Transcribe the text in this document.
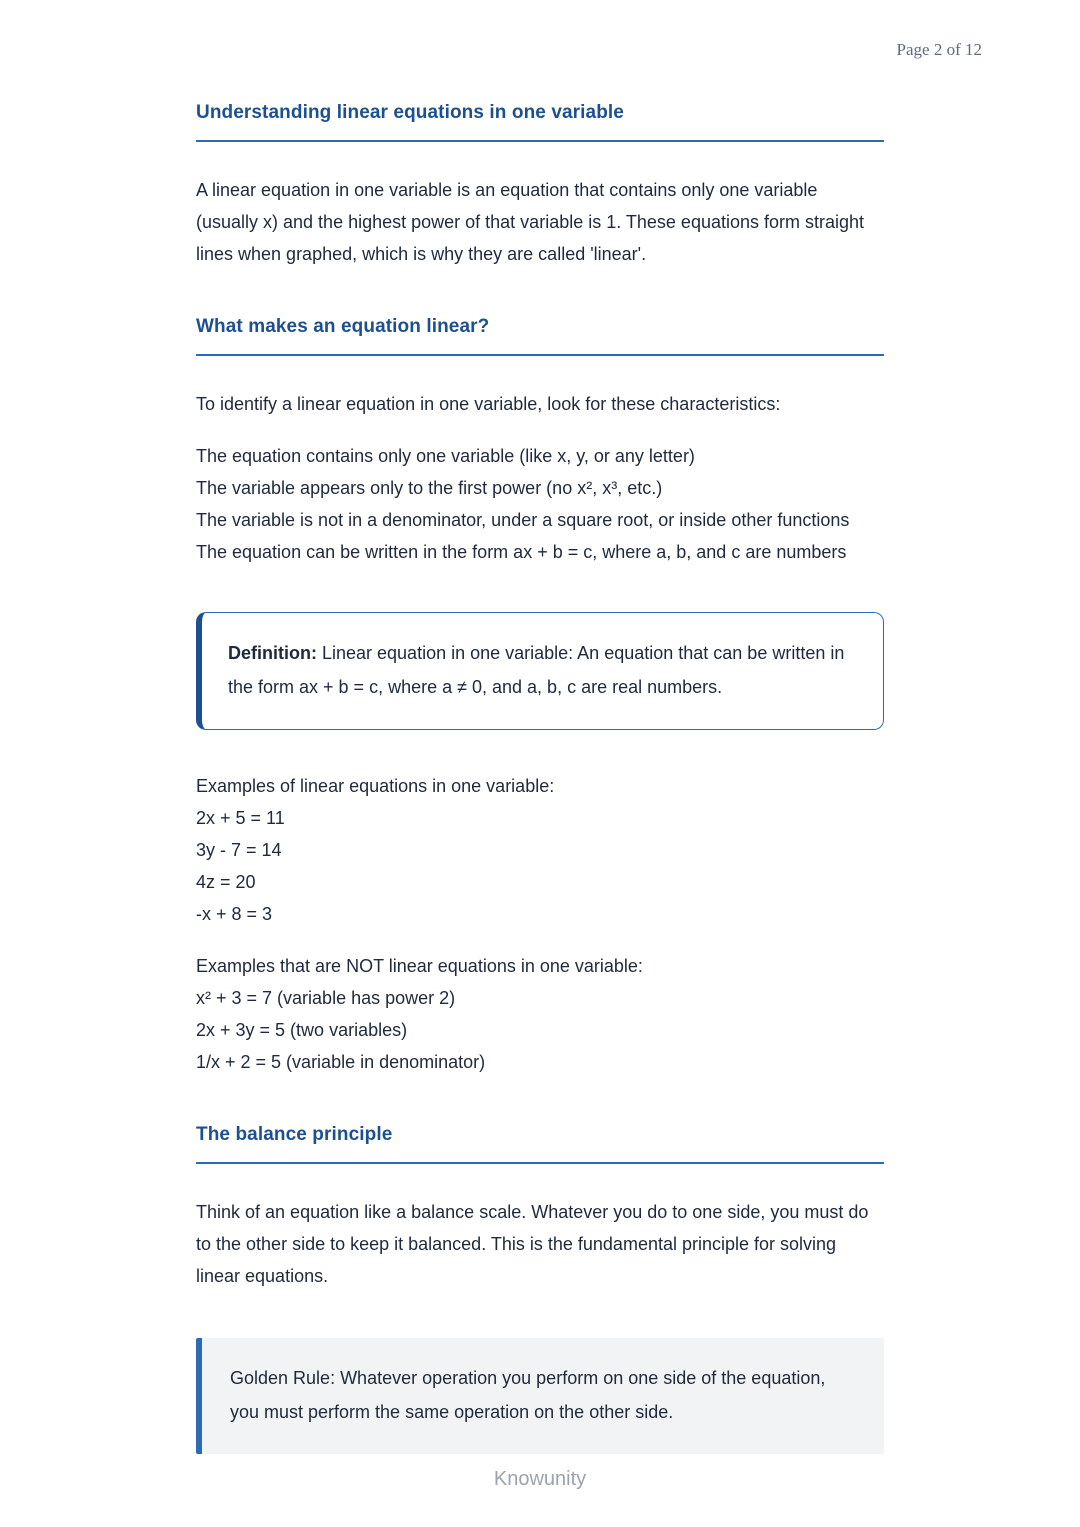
Page 2 of 12
Understanding linear equations in one variable

A linear equation in one variable is an equation that contains only one variable (usually x) and the highest power of that variable is 1. These equations form straight lines when graphed, which is why they are called 'linear'.

What makes an equation linear?

To identify a linear equation in one variable, look for these characteristics:

The equation contains only one variable (like x, y, or any letter)

The variable appears only to the first power (no x², x³, etc.)

The variable is not in a denominator, under a square root, or inside other functions

The equation can be written in the form ax + b = c, where a, b, and c are numbers

Definition: Linear equation in one variable: An equation that can be written in the form ax + b = c, where a ≠ 0, and a, b, c are real numbers.

Examples of linear equations in one variable:

2x + 5 = 11

3y - 7 = 14

4z = 20

-x + 8 = 3

Examples that are NOT linear equations in one variable:

x² + 3 = 7 (variable has power 2)

2x + 3y = 5 (two variables)

1/x + 2 = 5 (variable in denominator)

The balance principle

Think of an equation like a balance scale. Whatever you do to one side, you must do to the other side to keep it balanced. This is the fundamental principle for solving linear equations.

Golden Rule: Whatever operation you perform on one side of the equation, you must perform the same operation on the other side.
Knowunity
